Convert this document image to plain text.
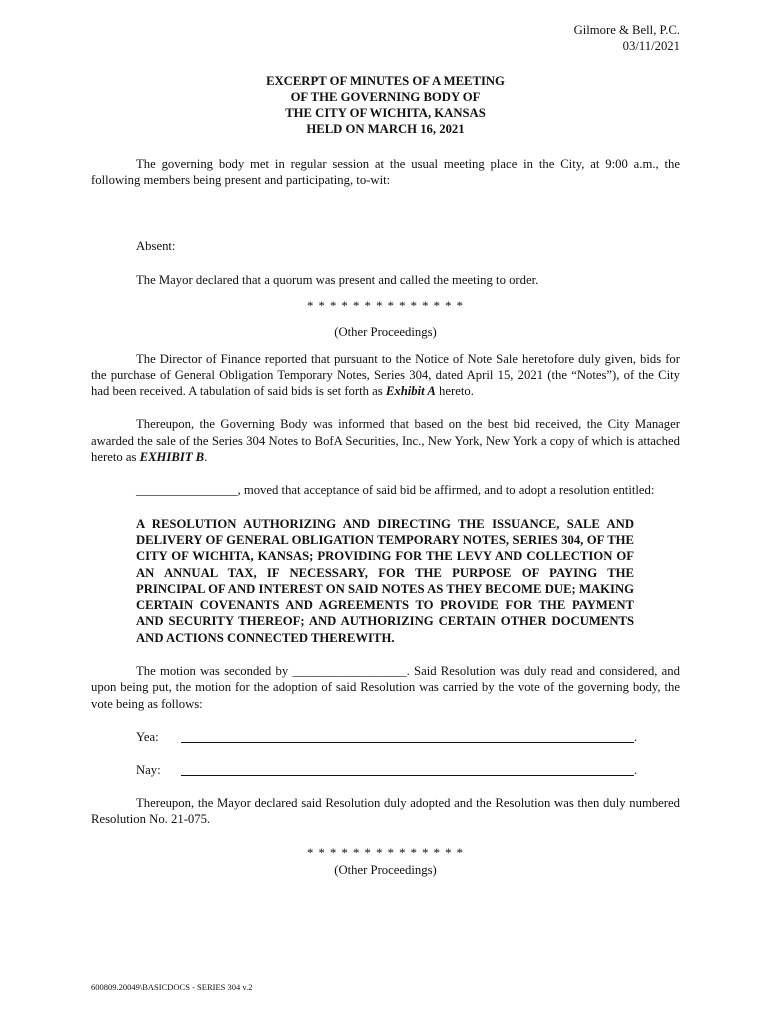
Gilmore & Bell, P.C.
03/11/2021
EXCERPT OF MINUTES OF A MEETING
OF THE GOVERNING BODY OF
THE CITY OF WICHITA, KANSAS
HELD ON MARCH 16, 2021

The governing body met in regular session at the usual meeting place in the City, at 9:00 a.m., the following members being present and participating, to-wit:

Absent:

The Mayor declared that a quorum was present and called the meeting to order.

* * * * * * * * * * * * * *
(Other Proceedings)

The Director of Finance reported that pursuant to the Notice of Note Sale heretofore duly given, bids for the purchase of General Obligation Temporary Notes, Series 304, dated April 15, 2021 (the “Notes”), of the City had been received. A tabulation of said bids is set forth as Exhibit A hereto.

Thereupon, the Governing Body was informed that based on the best bid received, the City Manager awarded the sale of the Series 304 Notes to BofA Securities, Inc., New York, New York a copy of which is attached hereto as EXHIBIT B.

________________, moved that acceptance of said bid be affirmed, and to adopt a resolution entitled:

A RESOLUTION AUTHORIZING AND DIRECTING THE ISSUANCE, SALE AND DELIVERY OF GENERAL OBLIGATION TEMPORARY NOTES, SERIES 304, OF THE CITY OF WICHITA, KANSAS; PROVIDING FOR THE LEVY AND COLLECTION OF AN ANNUAL TAX, IF NECESSARY, FOR THE PURPOSE OF PAYING THE PRINCIPAL OF AND INTEREST ON SAID NOTES AS THEY BECOME DUE; MAKING CERTAIN COVENANTS AND AGREEMENTS TO PROVIDE FOR THE PAYMENT AND SECURITY THEREOF; AND AUTHORIZING CERTAIN OTHER DOCUMENTS AND ACTIONS CONNECTED THEREWITH.

The motion was seconded by __________________. Said Resolution was duly read and considered, and upon being put, the motion for the adoption of said Resolution was carried by the vote of the governing body, the vote being as follows:

Yea:	.
Nay:	.

Thereupon, the Mayor declared said Resolution duly adopted and the Resolution was then duly numbered Resolution No. 21-075.

* * * * * * * * * * * * * *
(Other Proceedings)
600809.20049\BASICDOCS - SERIES 304 v.2
